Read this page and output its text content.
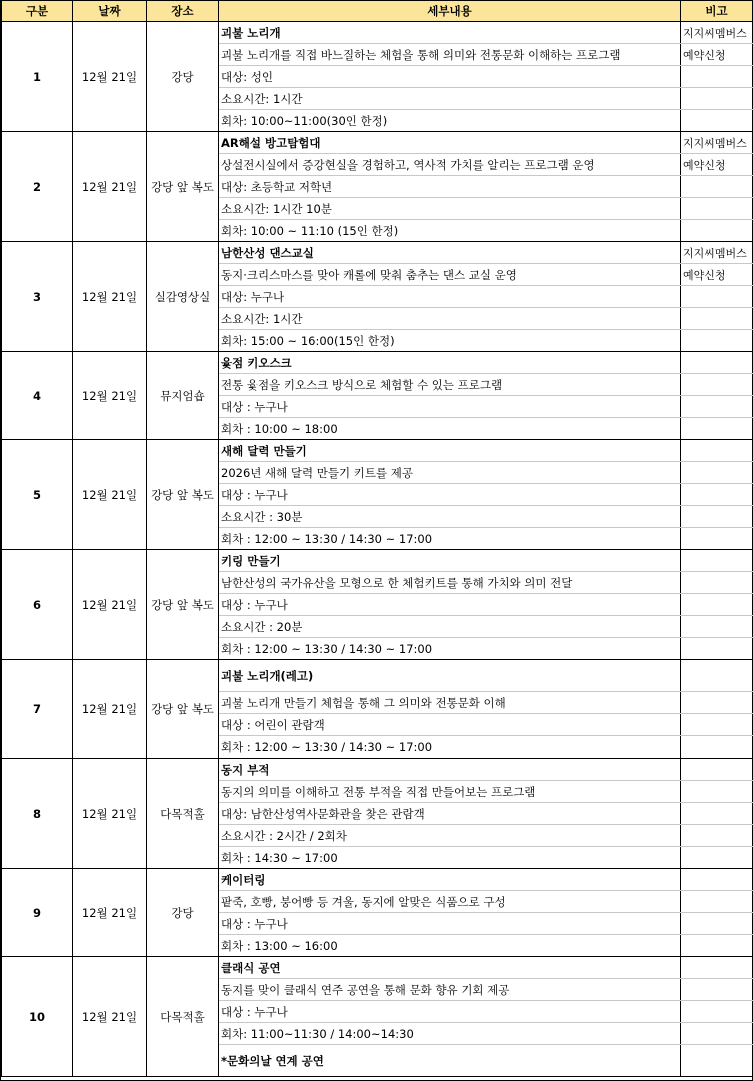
구분	날짜	장소	세부내용	비고
1	12월 21일	강당	괴불 노리개	지지씨멤버스
			괴불 노리개를 직접 바느질하는 체험을 통해 의미와 전통문화 이해하는 프로그램	예약신청
			대상: 성인	
			소요시간: 1시간	
			회차: 10:00~11:00(30인 한정)	
2	12월 21일	강당 앞 복도	AR해설 방고탐험대	지지씨멤버스
			상설전시실에서 증강현실을 경험하고, 역사적 가치를 알리는 프로그램 운영	예약신청
			대상: 초등학교 저학년	
			소요시간: 1시간 10분	
			회차: 10:00 ~ 11:10 (15인 한정)	
3	12월 21일	실감영상실	남한산성 댄스교실	지지씨멤버스
			동지·크리스마스를 맞아 캐롤에 맞춰 춤추는 댄스 교실 운영	예약신청
			대상: 누구나	
			소요시간: 1시간	
			회차: 15:00 ~ 16:00(15인 한정)	
4	12월 21일	뮤지엄숍	윷점 키오스크	
			전통 윷점을 키오스크 방식으로 체험할 수 있는 프로그램	
			대상 : 누구나	
			회차 : 10:00 ~ 18:00	
5	12월 21일	강당 앞 복도	새해 달력 만들기	
			2026년 새해 달력 만들기 키트를 제공	
			대상 : 누구나	
			소요시간 : 30분	
			회차 : 12:00 ~ 13:30 / 14:30 ~ 17:00	
6	12월 21일	강당 앞 복도	키링 만들기	
			남한산성의 국가유산을 모형으로 한 체험키트를 통해 가치와 의미 전달	
			대상 : 누구나	
			소요시간 : 20분	
			회차 : 12:00 ~ 13:30 / 14:30 ~ 17:00	
7	12월 21일	강당 앞 복도	괴불 노리개(레고)	
			괴불 노리개 만들기 체험을 통해 그 의미와 전통문화 이해	
			대상 : 어린이 관람객	
			회차 : 12:00 ~ 13:30 / 14:30 ~ 17:00	
8	12월 21일	다목적홀	동지 부적	
			동지의 의미를 이해하고 전통 부적을 직접 만들어보는 프로그램	
			대상: 남한산성역사문화관을 찾은 관람객	
			소요시간 : 2시간 / 2회차	
			회차 : 14:30 ~ 17:00	
9	12월 21일	강당	케이터링	
			팥죽, 호빵, 붕어빵 등 겨울, 동지에 알맞은 식품으로 구성	
			대상 : 누구나	
			회차 : 13:00 ~ 16:00	
10	12월 21일	다목적홀	클래식 공연	
			동지를 맞이 클래식 연주 공연을 통해 문화 향유 기회 제공	
			대상 : 누구나	
			회차: 11:00~11:30 / 14:00~14:30	
			*문화의날 연계 공연	
